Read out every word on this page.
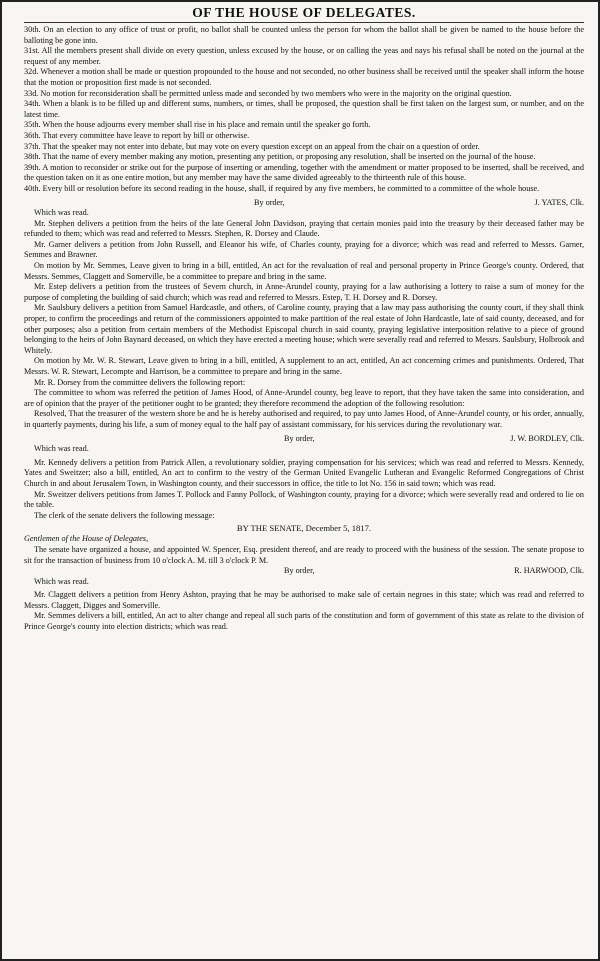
OF THE HOUSE OF DELEGATES.

30th. On an election to any office of trust or profit, no ballot shall be counted unless the person for whom the ballot shall be given be named to the house before the balloting be gone into.

31st. All the members present shall divide on every question, unless excused by the house, or on calling the yeas and nays his refusal shall be noted on the journal at the request of any member.

32d. Whenever a motion shall be made or question propounded to the house and not seconded, no other business shall be received until the speaker shall inform the house that the motion or proposition first made is not seconded.

33d. No motion for reconsideration shall be permitted unless made and seconded by two members who were in the majority on the original question.

34th. When a blank is to be filled up and different sums, numbers, or times, shall be proposed, the question shall be first taken on the largest sum, or number, and on the latest time.

35th. When the house adjourns every member shall rise in his place and remain until the speaker go forth.

36th. That every committee have leave to report by bill or otherwise.

37th. That the speaker may not enter into debate, but may vote on every question except on an appeal from the chair on a question of order.

38th. That the name of every member making any motion, presenting any petition, or proposing any resolution, shall be inserted on the journal of the house.

39th. A motion to reconsider or strike out for the purpose of inserting or amending, together with the amendment or matter proposed to be inserted, shall be received, and the question taken on it as one entire motion, but any member may have the same divided agreeably to the thirteenth rule of this house.

40th. Every bill or resolution before its second reading in the house, shall, if required by any five members, be committed to a committee of the whole house.

By order,	J. YATES, Clk.

Which was read.

Mr. Stephen delivers a petition from the heirs of the late General John Davidson, praying that certain monies paid into the treasury by their deceased father may be refunded to them; which was read and referred to Messrs. Stephen, R. Dorsey and Claude.

Mr. Garner delivers a petition from John Russell, and Eleanor his wife, of Charles county, praying for a divorce; which was read and referred to Messrs. Garner, Semmes and Brawner.

On motion by Mr. Semmes, Leave given to bring in a bill, entitled, An act for the revaluation of real and personal property in Prince George's county. Ordered, that Messrs. Semmes, Claggett and Somerville, be a committee to prepare and bring in the same.

Mr. Estep delivers a petition from the trustees of Severn church, in Anne-Arundel county, praying for a law authorising a lottery to raise a sum of money for the purpose of completing the building of said church; which was read and referred to Messrs. Estep, T. H. Dorsey and R. Dorsey.

Mr. Saulsbury delivers a petition from Samuel Hardcastle, and others, of Caroline county, praying that a law may pass authorising the county court, if they shall think proper, to confirm the proceedings and return of the commissioners appointed to make partition of the real estate of John Hardcastle, late of said county, deceased, and for other purposes; also a petition from certain members of the Methodist Episcopal church in said county, praying legislative interposition relative to a piece of ground belonging to the heirs of John Baynard deceased, on which they have erected a meeting house; which were severally read and referred to Messrs. Saulsbury, Holbrook and Whitely.

On motion by Mr. W. R. Stewart, Leave given to bring in a bill, entitled, A supplement to an act, entitled, An act concerning crimes and punishments. Ordered, That Messrs. W. R. Stewart, Lecompte and Harrison, be a committee to prepare and bring in the same.

Mr. R. Dorsey from the committee delivers the following report:

The committee to whom was referred the petition of James Hood, of Anne-Arundel county, beg leave to report, that they have taken the same into consideration, and are of opinion that the prayer of the petitioner ought to be granted; they therefore recommend the adoption of the following resolution:

Resolved, That the treasurer of the western shore be and he is hereby authorised and required, to pay unto James Hood, of Anne-Arundel county, or his order, annually, in quarterly payments, during his life, a sum of money equal to the half pay of assistant commissary, for his services during the revolutionary war.

By order,	J. W. BORDLEY, Clk.

Which was read.

Mr. Kennedy delivers a petition from Patrick Allen, a revolutionary soldier, praying compensation for his services; which was read and referred to Messrs. Kennedy, Yates and Sweitzer; also a bill, entitled, An act to confirm to the vestry of the German United Evangelic Lutheran and Evangelic Reformed Congregations of Christ Church in and about Jerusalem Town, in Washington county, and their successors in office, the title to lot No. 156 in said town; which was read.

Mr. Sweitzer delivers petitions from James T. Pollock and Fanny Pollock, of Washington county, praying for a divorce; which were severally read and ordered to lie on the table.

The clerk of the senate delivers the following message:

BY THE SENATE, December 5, 1817.

Gentlemen of the House of Delegates,

The senate have organized a house, and appointed W. Spencer, Esq. president thereof, and are ready to proceed with the business of the session. The senate propose to sit for the transaction of business from 10 o'clock A. M. till 3 o'clock P. M.

By order,	R. HARWOOD, Clk.

Which was read.

Mr. Claggett delivers a petition from Henry Ashton, praying that he may be authorised to make sale of certain negroes in this state; which was read and referred to Messrs. Claggett, Digges and Somerville.

Mr. Semmes delivers a bill, entitled, An act to alter change and repeal all such parts of the constitution and form of government of this state as relate to the division of Prince George's county into election districts; which was read.
